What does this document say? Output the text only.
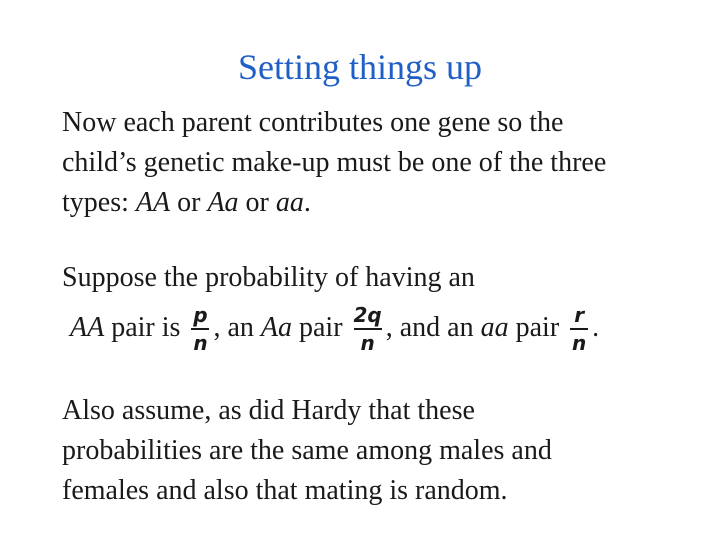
Setting things up
Now each parent contributes one gene so the
child’s genetic make-up must be one of the three
types: AA or Aa or aa.
Suppose the probability of having an
AA pair is $\frac{p}{n}$ , an Aa pair $\frac{2q}{n}$ , and an aa pair $\frac{r}{n}$ .
Also assume, as did Hardy that these
probabilities are the same among males and
females and also that mating is random.
